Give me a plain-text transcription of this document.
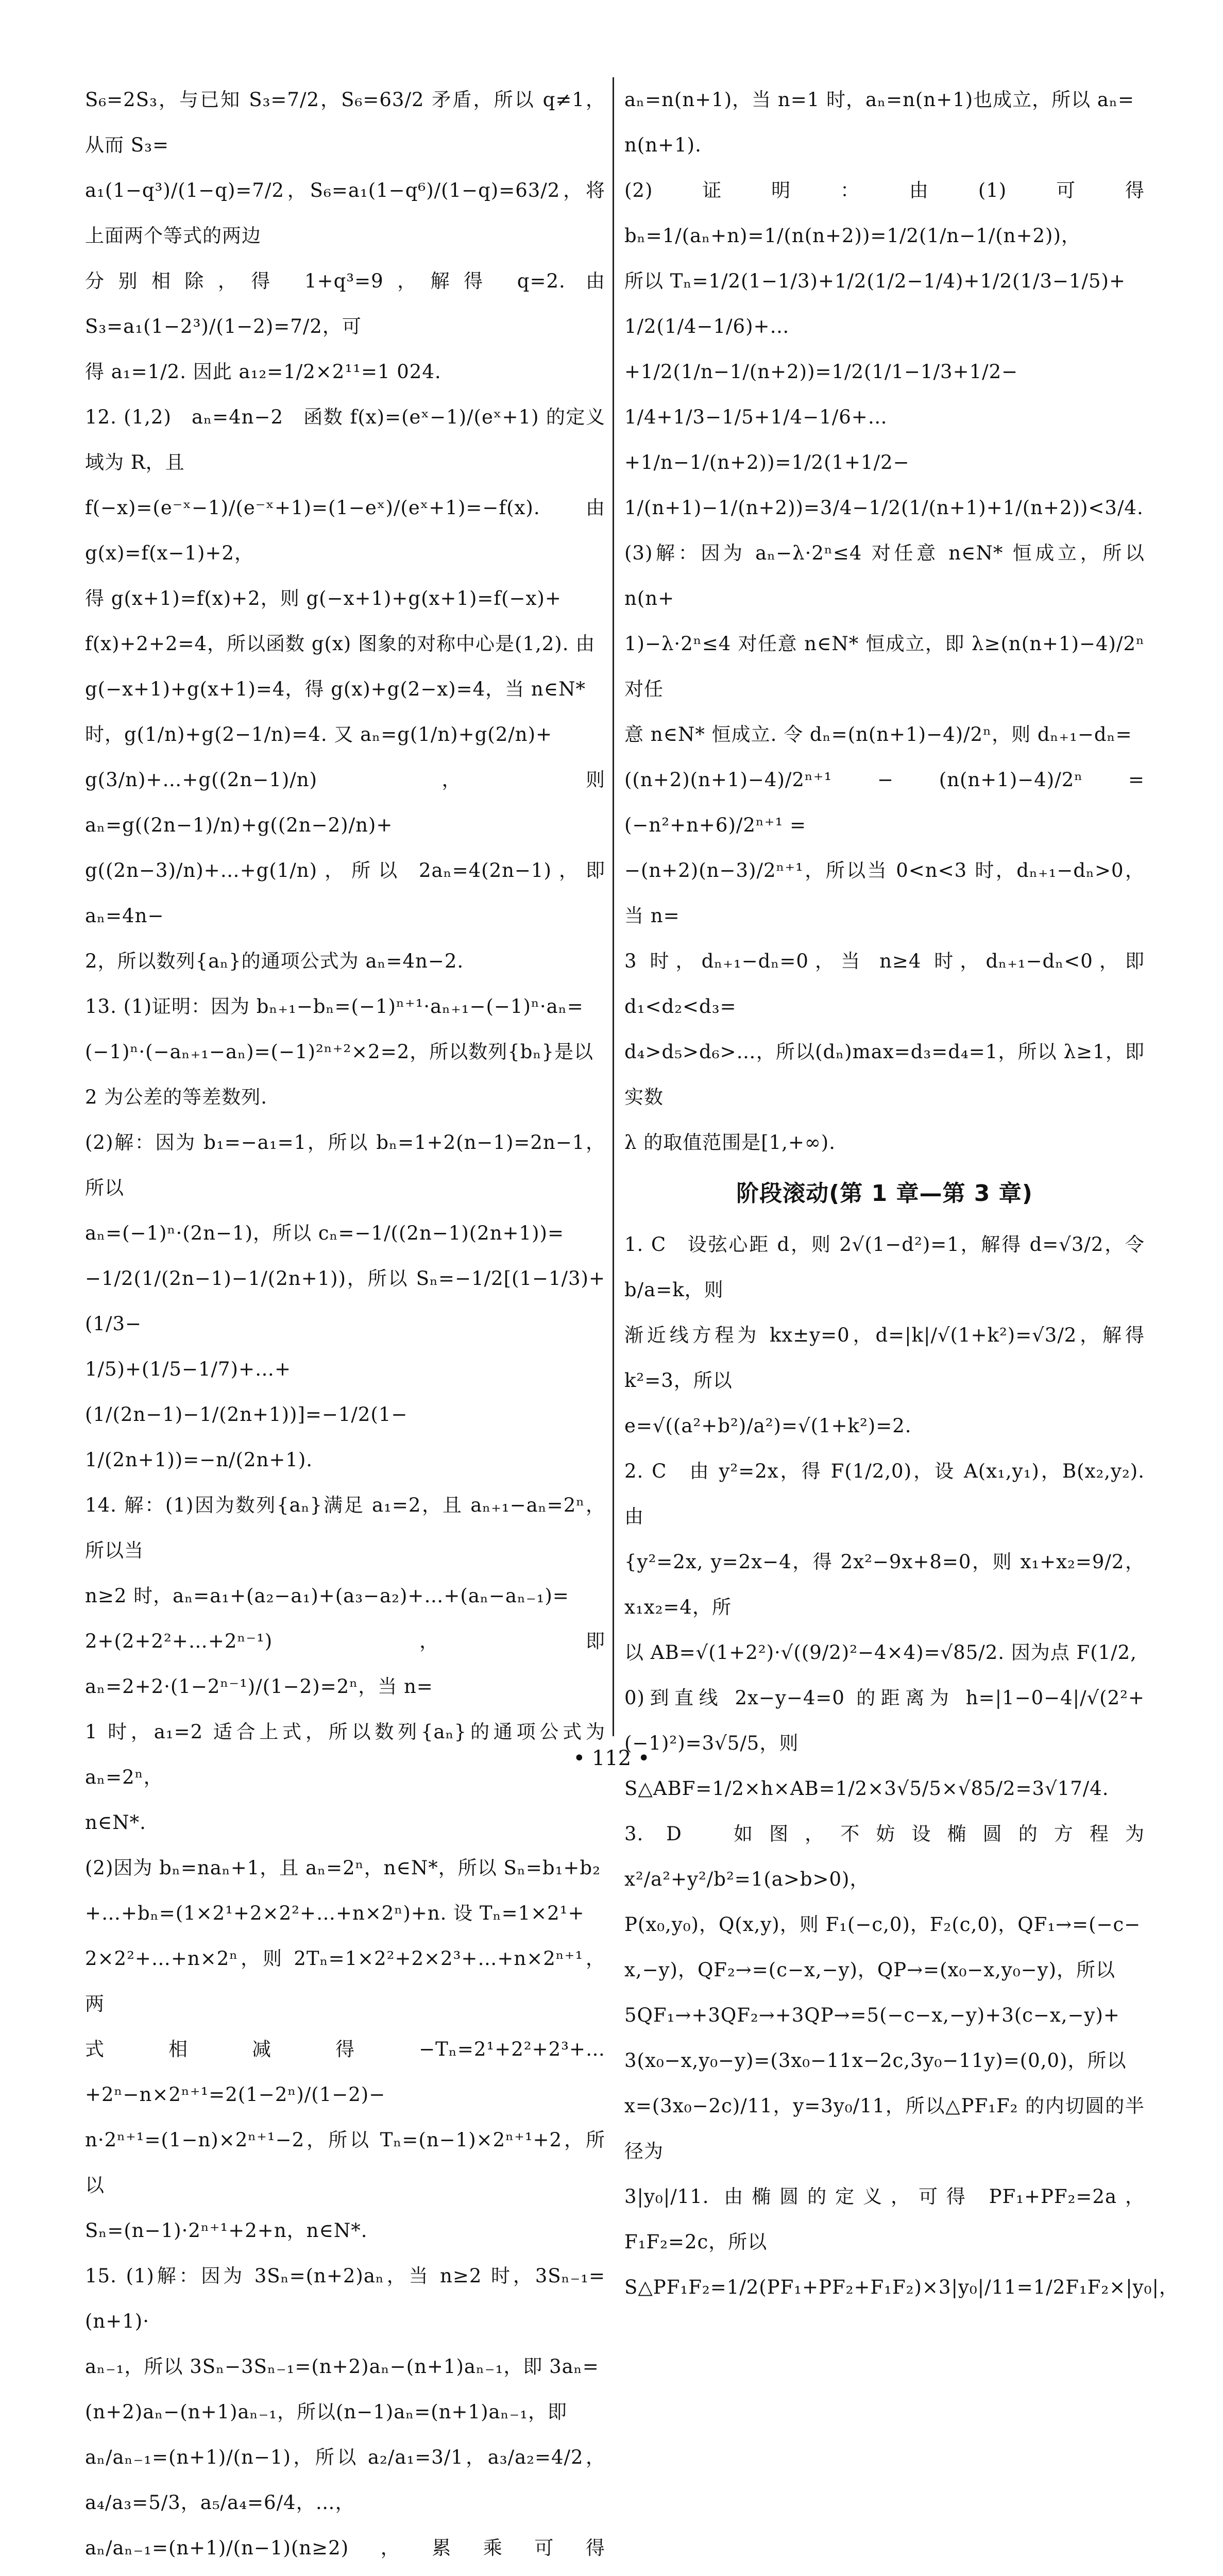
S₆=2S₃，与已知 S₃=7/2，S₆=63/2 矛盾，所以 q≠1，从而 S₃=

a₁(1−q³)/(1−q)=7/2，S₆=a₁(1−q⁶)/(1−q)=63/2，将上面两个等式的两边

分别相除，得 1+q³=9，解得 q=2. 由 S₃=a₁(1−2³)/(1−2)=7/2，可

得 a₁=1/2. 因此 a₁₂=1/2×2¹¹=1 024.

12. (1,2)　aₙ=4n−2　函数 f(x)=(eˣ−1)/(eˣ+1) 的定义域为 R，且

f(−x)=(e⁻ˣ−1)/(e⁻ˣ+1)=(1−eˣ)/(eˣ+1)=−f(x). 由 g(x)=f(x−1)+2，

得 g(x+1)=f(x)+2，则 g(−x+1)+g(x+1)=f(−x)+

f(x)+2+2=4，所以函数 g(x) 图象的对称中心是(1,2). 由

g(−x+1)+g(x+1)=4，得 g(x)+g(2−x)=4，当 n∈N*

时，g(1/n)+g(2−1/n)=4. 又 aₙ=g(1/n)+g(2/n)+

g(3/n)+…+g((2n−1)/n)，则 aₙ=g((2n−1)/n)+g((2n−2)/n)+

g((2n−3)/n)+…+g(1/n)，所以 2aₙ=4(2n−1)，即 aₙ=4n−

2，所以数列{aₙ}的通项公式为 aₙ=4n−2.

13. (1)证明：因为 bₙ₊₁−bₙ=(−1)ⁿ⁺¹·aₙ₊₁−(−1)ⁿ·aₙ=

(−1)ⁿ·(−aₙ₊₁−aₙ)=(−1)²ⁿ⁺²×2=2，所以数列{bₙ}是以

2 为公差的等差数列.

(2)解：因为 b₁=−a₁=1，所以 bₙ=1+2(n−1)=2n−1，所以

aₙ=(−1)ⁿ·(2n−1)，所以 cₙ=−1/((2n−1)(2n+1))=

−1/2(1/(2n−1)−1/(2n+1))，所以 Sₙ=−1/2[(1−1/3)+(1/3−

1/5)+(1/5−1/7)+…+(1/(2n−1)−1/(2n+1))]=−1/2(1−

1/(2n+1))=−n/(2n+1).

14. 解：(1)因为数列{aₙ}满足 a₁=2，且 aₙ₊₁−aₙ=2ⁿ，所以当

n≥2 时，aₙ=a₁+(a₂−a₁)+(a₃−a₂)+…+(aₙ−aₙ₋₁)=

2+(2+2²+…+2ⁿ⁻¹)，即 aₙ=2+2·(1−2ⁿ⁻¹)/(1−2)=2ⁿ，当 n=

1 时，a₁=2 适合上式，所以数列{aₙ}的通项公式为 aₙ=2ⁿ，

n∈N*.

(2)因为 bₙ=naₙ+1，且 aₙ=2ⁿ，n∈N*，所以 Sₙ=b₁+b₂

+…+bₙ=(1×2¹+2×2²+…+n×2ⁿ)+n. 设 Tₙ=1×2¹+

2×2²+…+n×2ⁿ，则 2Tₙ=1×2²+2×2³+…+n×2ⁿ⁺¹，两

式相减得−Tₙ=2¹+2²+2³+…+2ⁿ−n×2ⁿ⁺¹=2(1−2ⁿ)/(1−2)−

n·2ⁿ⁺¹=(1−n)×2ⁿ⁺¹−2，所以 Tₙ=(n−1)×2ⁿ⁺¹+2，所以

Sₙ=(n−1)·2ⁿ⁺¹+2+n，n∈N*.

15. (1)解：因为 3Sₙ=(n+2)aₙ，当 n≥2 时，3Sₙ₋₁=(n+1)·

aₙ₋₁，所以 3Sₙ−3Sₙ₋₁=(n+2)aₙ−(n+1)aₙ₋₁，即 3aₙ=

(n+2)aₙ−(n+1)aₙ₋₁，所以(n−1)aₙ=(n+1)aₙ₋₁，即

aₙ/aₙ₋₁=(n+1)/(n−1)，所以 a₂/a₁=3/1，a₃/a₂=4/2，a₄/a₃=5/3，a₅/a₄=6/4，…，

aₙ/aₙ₋₁=(n+1)/(n−1)(n≥2)，累乘可得

aₙ=n(n+1)，当 n=1 时，aₙ=n(n+1)也成立，所以 aₙ=

n(n+1).

(2)证明：由(1)可得 bₙ=1/(aₙ+n)=1/(n(n+2))=1/2(1/n−1/(n+2))，

所以 Tₙ=1/2(1−1/3)+1/2(1/2−1/4)+1/2(1/3−1/5)+

1/2(1/4−1/6)+…+1/2(1/n−1/(n+2))=1/2(1/1−1/3+1/2−

1/4+1/3−1/5+1/4−1/6+…+1/n−1/(n+2))=1/2(1+1/2−

1/(n+1)−1/(n+2))=3/4−1/2(1/(n+1)+1/(n+2))<3/4.

(3)解：因为 aₙ−λ·2ⁿ≤4 对任意 n∈N* 恒成立，所以 n(n+

1)−λ·2ⁿ≤4 对任意 n∈N* 恒成立，即 λ≥(n(n+1)−4)/2ⁿ 对任

意 n∈N* 恒成立. 令 dₙ=(n(n+1)−4)/2ⁿ，则 dₙ₊₁−dₙ=

((n+2)(n+1)−4)/2ⁿ⁺¹ − (n(n+1)−4)/2ⁿ = (−n²+n+6)/2ⁿ⁺¹ =

−(n+2)(n−3)/2ⁿ⁺¹，所以当 0<n<3 时，dₙ₊₁−dₙ>0，当 n=

3 时，dₙ₊₁−dₙ=0，当 n≥4 时，dₙ₊₁−dₙ<0，即 d₁<d₂<d₃=

d₄>d₅>d₆>…，所以(dₙ)max=d₃=d₄=1，所以 λ≥1，即实数

λ 的取值范围是[1,+∞).

阶段滚动(第 1 章—第 3 章)

1. C　设弦心距 d，则 2√(1−d²)=1，解得 d=√3/2，令 b/a=k，则

渐近线方程为 kx±y=0，d=|k|/√(1+k²)=√3/2，解得 k²=3，所以

e=√((a²+b²)/a²)=√(1+k²)=2.

2. C　由 y²=2x，得 F(1/2,0)，设 A(x₁,y₁)，B(x₂,y₂). 由

{y²=2x, y=2x−4，得 2x²−9x+8=0，则 x₁+x₂=9/2，x₁x₂=4，所

以 AB=√(1+2²)·√((9/2)²−4×4)=√85/2. 因为点 F(1/2,

0)到直线 2x−y−4=0 的距离为 h=|1−0−4|/√(2²+(−1)²)=3√5/5，则

S△ABF=1/2×h×AB=1/2×3√5/5×√85/2=3√17/4.

3. D　如图，不妨设椭圆的方程为 x²/a²+y²/b²=1(a>b>0)，

P(x₀,y₀)，Q(x,y)，则 F₁(−c,0)，F₂(c,0)，QF₁→=(−c−

x,−y)，QF₂→=(c−x,−y)，QP→=(x₀−x,y₀−y)，所以

5QF₁→+3QF₂→+3QP→=5(−c−x,−y)+3(c−x,−y)+

3(x₀−x,y₀−y)=(3x₀−11x−2c,3y₀−11y)=(0,0)，所以

x=(3x₀−2c)/11，y=3y₀/11，所以△PF₁F₂ 的内切圆的半径为

3|y₀|/11. 由椭圆的定义，可得 PF₁+PF₂=2a，F₁F₂=2c，所以

S△PF₁F₂=1/2(PF₁+PF₂+F₁F₂)×3|y₀|/11=1/2F₁F₂×|y₀|，

• 112 •
